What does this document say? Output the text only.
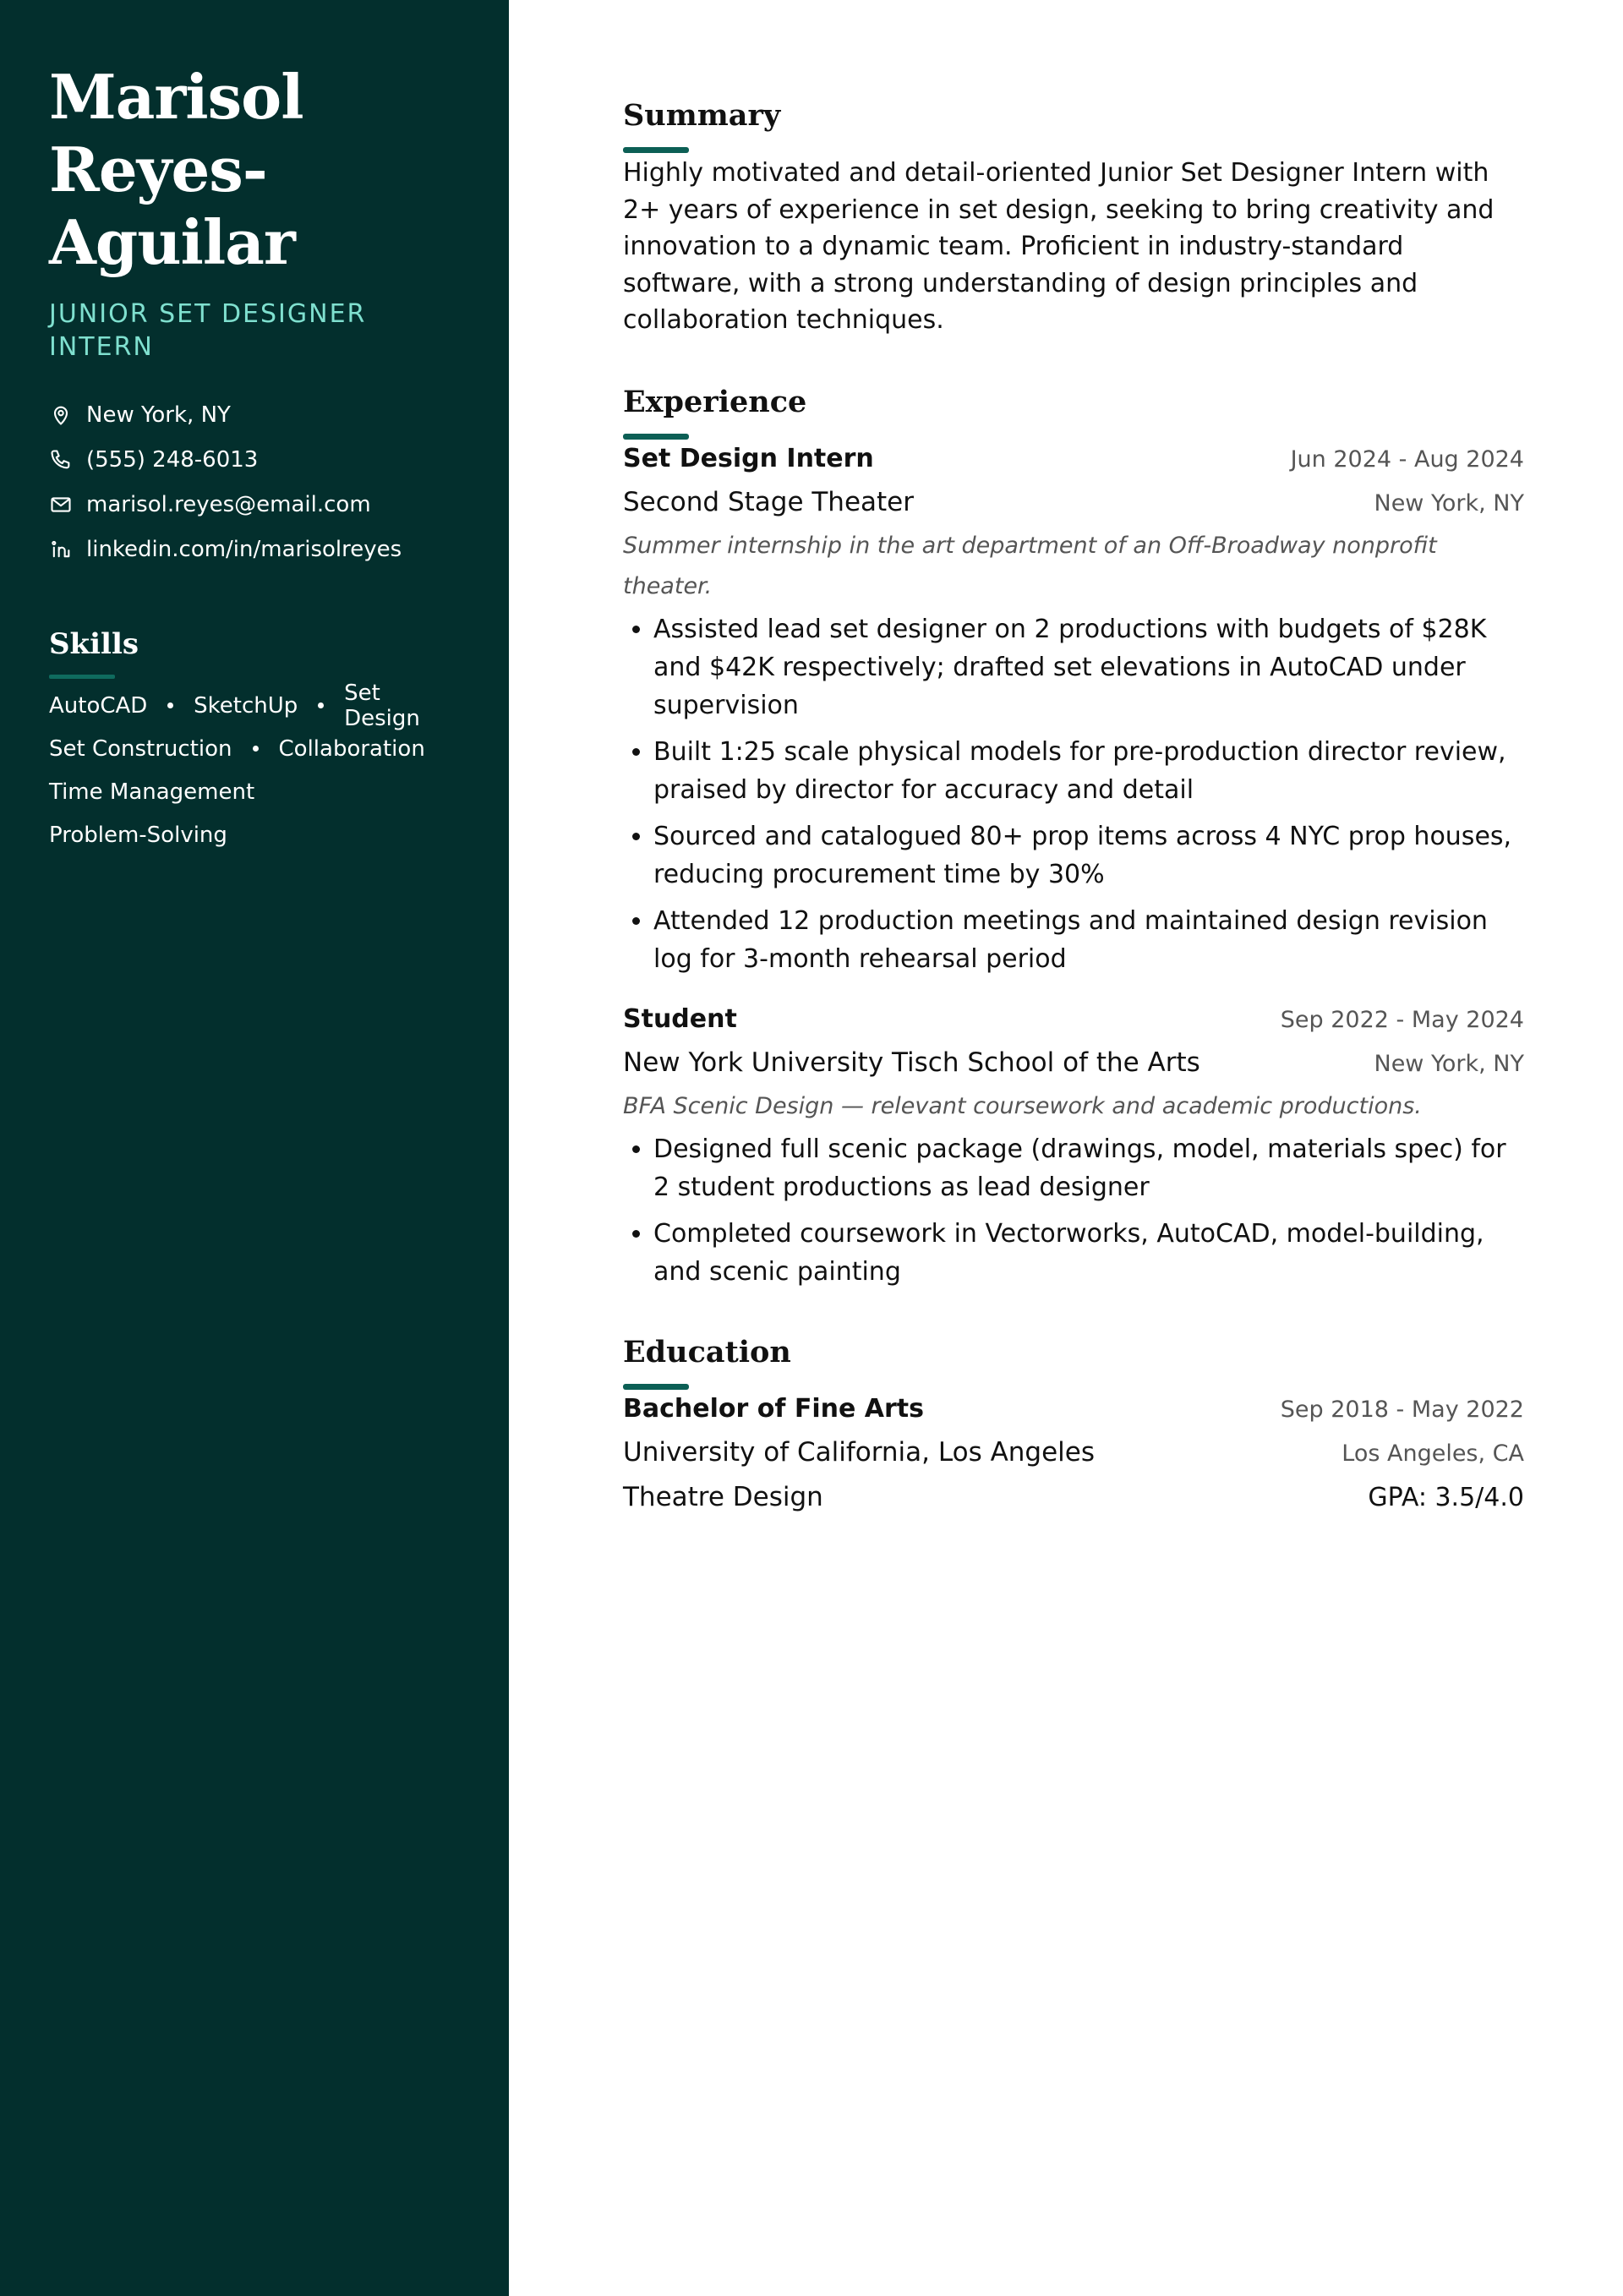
Marisol
Reyes-
Aguilar
JUNIOR SET DESIGNER
INTERN
New York, NY
(555) 248-6013
marisol.reyes@email.com
linkedin.com/in/marisolreyes
Skills
AutoCAD SketchUp Set Design
Set Construction Collaboration
Time Management
Problem-Solving
Summary

Highly motivated and detail-oriented Junior Set Designer Intern with 2+ years of experience in set design, seeking to bring creativity and innovation to a dynamic team. Proficient in industry-standard software, with a strong understanding of design principles and collaboration techniques.

Experience
Set Design Intern	Jun 2024 - Aug 2024
Second Stage Theater	New York, NY
Summer internship in the art department of an Off-Broadway nonprofit theater.
• Assisted lead set designer on 2 productions with budgets of $28K and $42K respectively; drafted set elevations in AutoCAD under supervision
• Built 1:25 scale physical models for pre-production director review, praised by director for accuracy and detail
• Sourced and catalogued 80+ prop items across 4 NYC prop houses, reducing procurement time by 30%
• Attended 12 production meetings and maintained design revision log for 3-month rehearsal period
Student	Sep 2022 - May 2024
New York University Tisch School of the Arts	New York, NY
BFA Scenic Design — relevant coursework and academic productions.
• Designed full scenic package (drawings, model, materials spec) for 2 student productions as lead designer
• Completed coursework in Vectorworks, AutoCAD, model-building, and scenic painting
Education
Bachelor of Fine Arts	Sep 2018 - May 2022
University of California, Los Angeles	Los Angeles, CA
Theatre Design	GPA: 3.5/4.0
